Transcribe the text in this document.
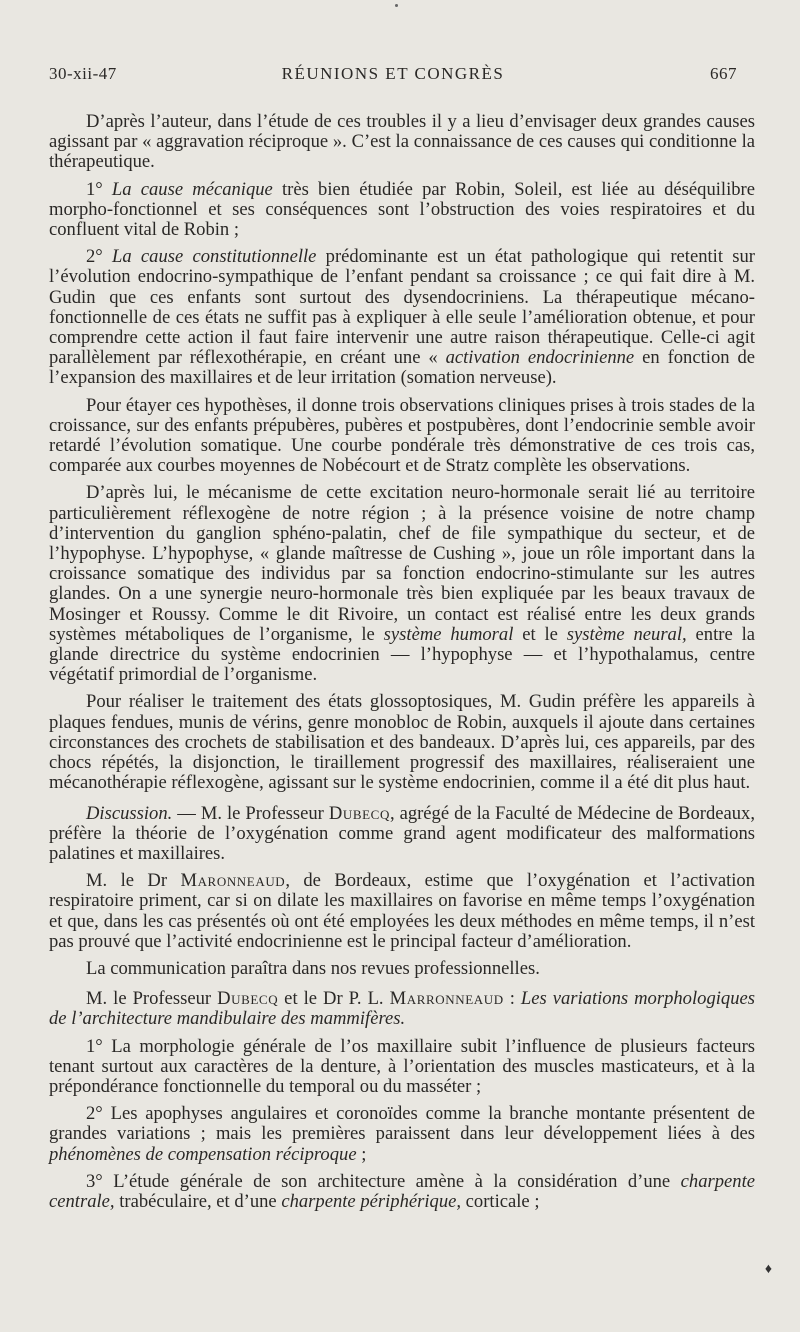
30-xii-47	RÉUNIONS ET CONGRÈS	667

D’après l’auteur, dans l’étude de ces troubles il y a lieu d’envisager deux grandes causes agissant par « aggravation réciproque ». C’est la connaissance de ces causes qui conditionne la thérapeutique.

1° La cause mécanique très bien étudiée par Robin, Soleil, est liée au déséquilibre morpho-fonctionnel et ses conséquences sont l’obstruction des voies respiratoires et du confluent vital de Robin ;

2° La cause constitutionnelle prédominante est un état pathologique qui retentit sur l’évolution endocrino-sympathique de l’enfant pendant sa croissance ; ce qui fait dire à M. Gudin que ces enfants sont surtout des dysendocriniens. La thérapeutique mécano-fonctionnelle de ces états ne suffit pas à expliquer à elle seule l’amélioration obtenue, et pour comprendre cette action il faut faire intervenir une autre raison thérapeutique. Celle-ci agit parallèlement par réflexothérapie, en créant une « activation endocrinienne en fonction de l’expansion des maxillaires et de leur irritation (somation nerveuse).

Pour étayer ces hypothèses, il donne trois observations cliniques prises à trois stades de la croissance, sur des enfants prépubères, pubères et postpubères, dont l’endocrinie semble avoir retardé l’évolution somatique. Une courbe pondérale très démonstrative de ces trois cas, comparée aux courbes moyennes de Nobécourt et de Stratz complète les observations.

D’après lui, le mécanisme de cette excitation neuro-hormonale serait lié au territoire particulièrement réflexogène de notre région ; à la présence voisine de notre champ d’intervention du ganglion sphéno-palatin, chef de file sympathique du secteur, et de l’hypophyse. L’hypophyse, « glande maîtresse de Cushing », joue un rôle important dans la croissance somatique des individus par sa fonction endocrino-stimulante sur les autres glandes. On a une synergie neuro-hormonale très bien expliquée par les beaux travaux de Mosinger et Roussy. Comme le dit Rivoire, un contact est réalisé entre les deux grands systèmes métaboliques de l’organisme, le système humoral et le système neural, entre la glande directrice du système endocrinien — l’hypophyse — et l’hypothalamus, centre végétatif primordial de l’organisme.

Pour réaliser le traitement des états glossoptosiques, M. Gudin préfère les appareils à plaques fendues, munis de vérins, genre monobloc de Robin, auxquels il ajoute dans certaines circonstances des crochets de stabilisation et des bandeaux. D’après lui, ces appareils, par des chocs répétés, la disjonction, le tiraillement progressif des maxillaires, réaliseraient une mécanothérapie réflexogène, agissant sur le système endocrinien, comme il a été dit plus haut.

Discussion. — M. le Professeur Dubecq, agrégé de la Faculté de Médecine de Bordeaux, préfère la théorie de l’oxygénation comme grand agent modificateur des malformations palatines et maxillaires.

M. le Dr Maronneaud, de Bordeaux, estime que l’oxygénation et l’activation respiratoire priment, car si on dilate les maxillaires on favorise en même temps l’oxygénation et que, dans les cas présentés où ont été employées les deux méthodes en même temps, il n’est pas prouvé que l’activité endocrinienne est le principal facteur d’amélioration.

La communication paraîtra dans nos revues professionnelles.

M. le Professeur Dubecq et le Dr P. L. Marronneaud : Les variations morphologiques de l’architecture mandibulaire des mammifères.

1° La morphologie générale de l’os maxillaire subit l’influence de plusieurs facteurs tenant surtout aux caractères de la denture, à l’orientation des muscles masticateurs, et à la prépondérance fonctionnelle du temporal ou du masséter ;

2° Les apophyses angulaires et coronoïdes comme la branche montante présentent de grandes variations ; mais les premières paraissent dans leur développement liées à des phénomènes de compensation réciproque ;

3° L’étude générale de son architecture amène à la considération d’une charpente centrale, trabéculaire, et d’une charpente périphérique, corticale ;

♦
